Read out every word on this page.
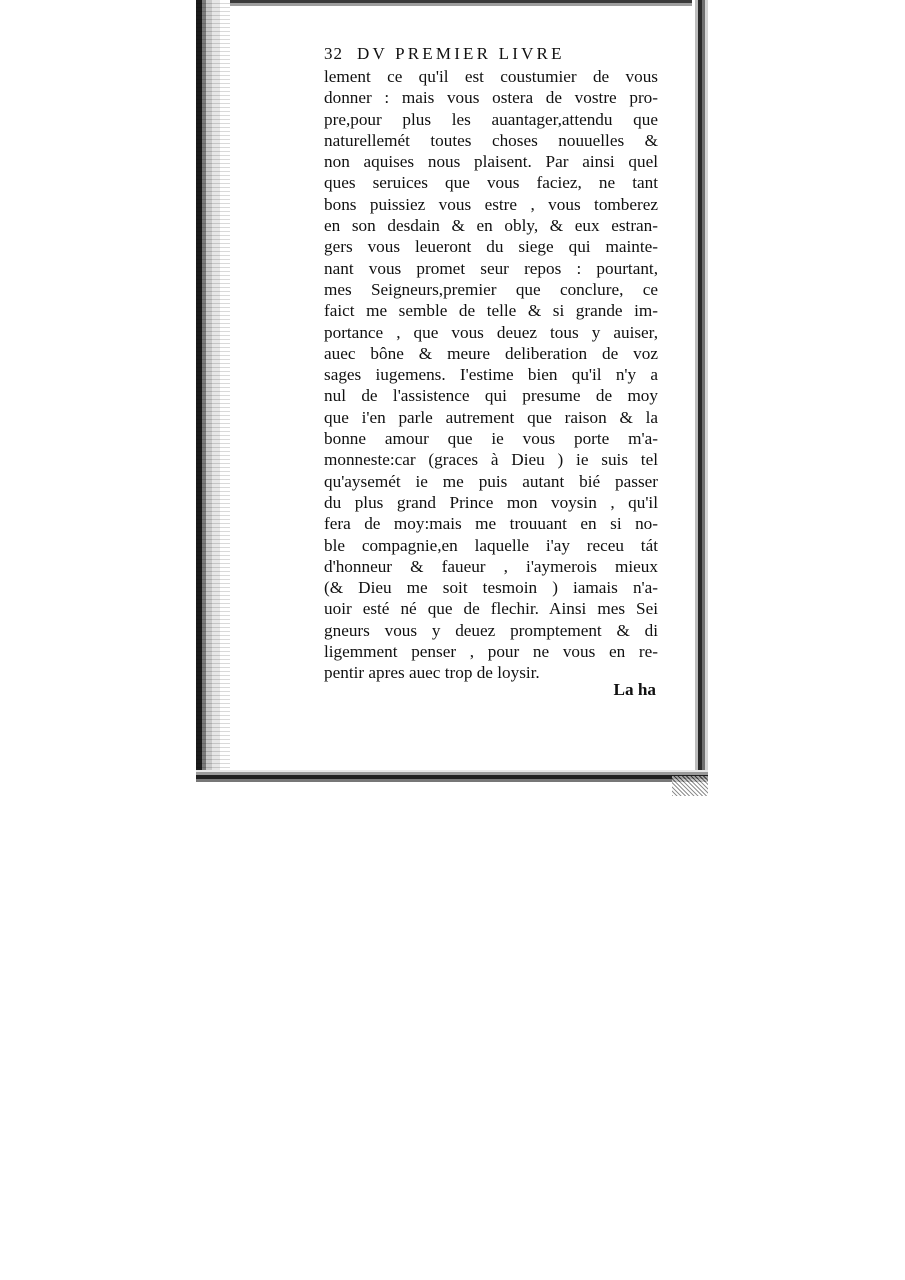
32 DV PREMIER LIVRE
lement ce qu'il est coustumier de vous
donner : mais vous ostera de vostre pro-
pre,pour plus les auantager,attendu que
naturellemét toutes choses nouuelles &
non aquises nous plaisent. Par ainsi quel
ques seruices que vous faciez, ne tant
bons puissiez vous estre , vous tomberez
en son desdain & en obly, & eux estran-
gers vous leueront du siege qui mainte-
nant vous promet seur repos : pourtant,
mes Seigneurs,premier que conclure, ce
faict me semble de telle & si grande im-
portance , que vous deuez tous y auiser,
auec bône & meure deliberation de voz
sages iugemens. I'estime bien qu'il n'y a
nul de l'assistence qui presume de moy
que i'en parle autrement que raison & la
bonne amour que ie vous porte m'a-
monneste:car (graces à Dieu ) ie suis tel
qu'aysemét ie me puis autant bié passer
du plus grand Prince mon voysin , qu'il
fera de moy:mais me trouuant en si no-
ble compagnie,en laquelle i'ay receu tát
d'honneur & faueur , i'aymerois mieux
(& Dieu me soit tesmoin ) iamais n'a-
uoir esté né que de flechir. Ainsi mes Sei
gneurs vous y deuez promptement & di
ligemment penser , pour ne vous en re-
pentir apres auec trop de loysir.
La ha
